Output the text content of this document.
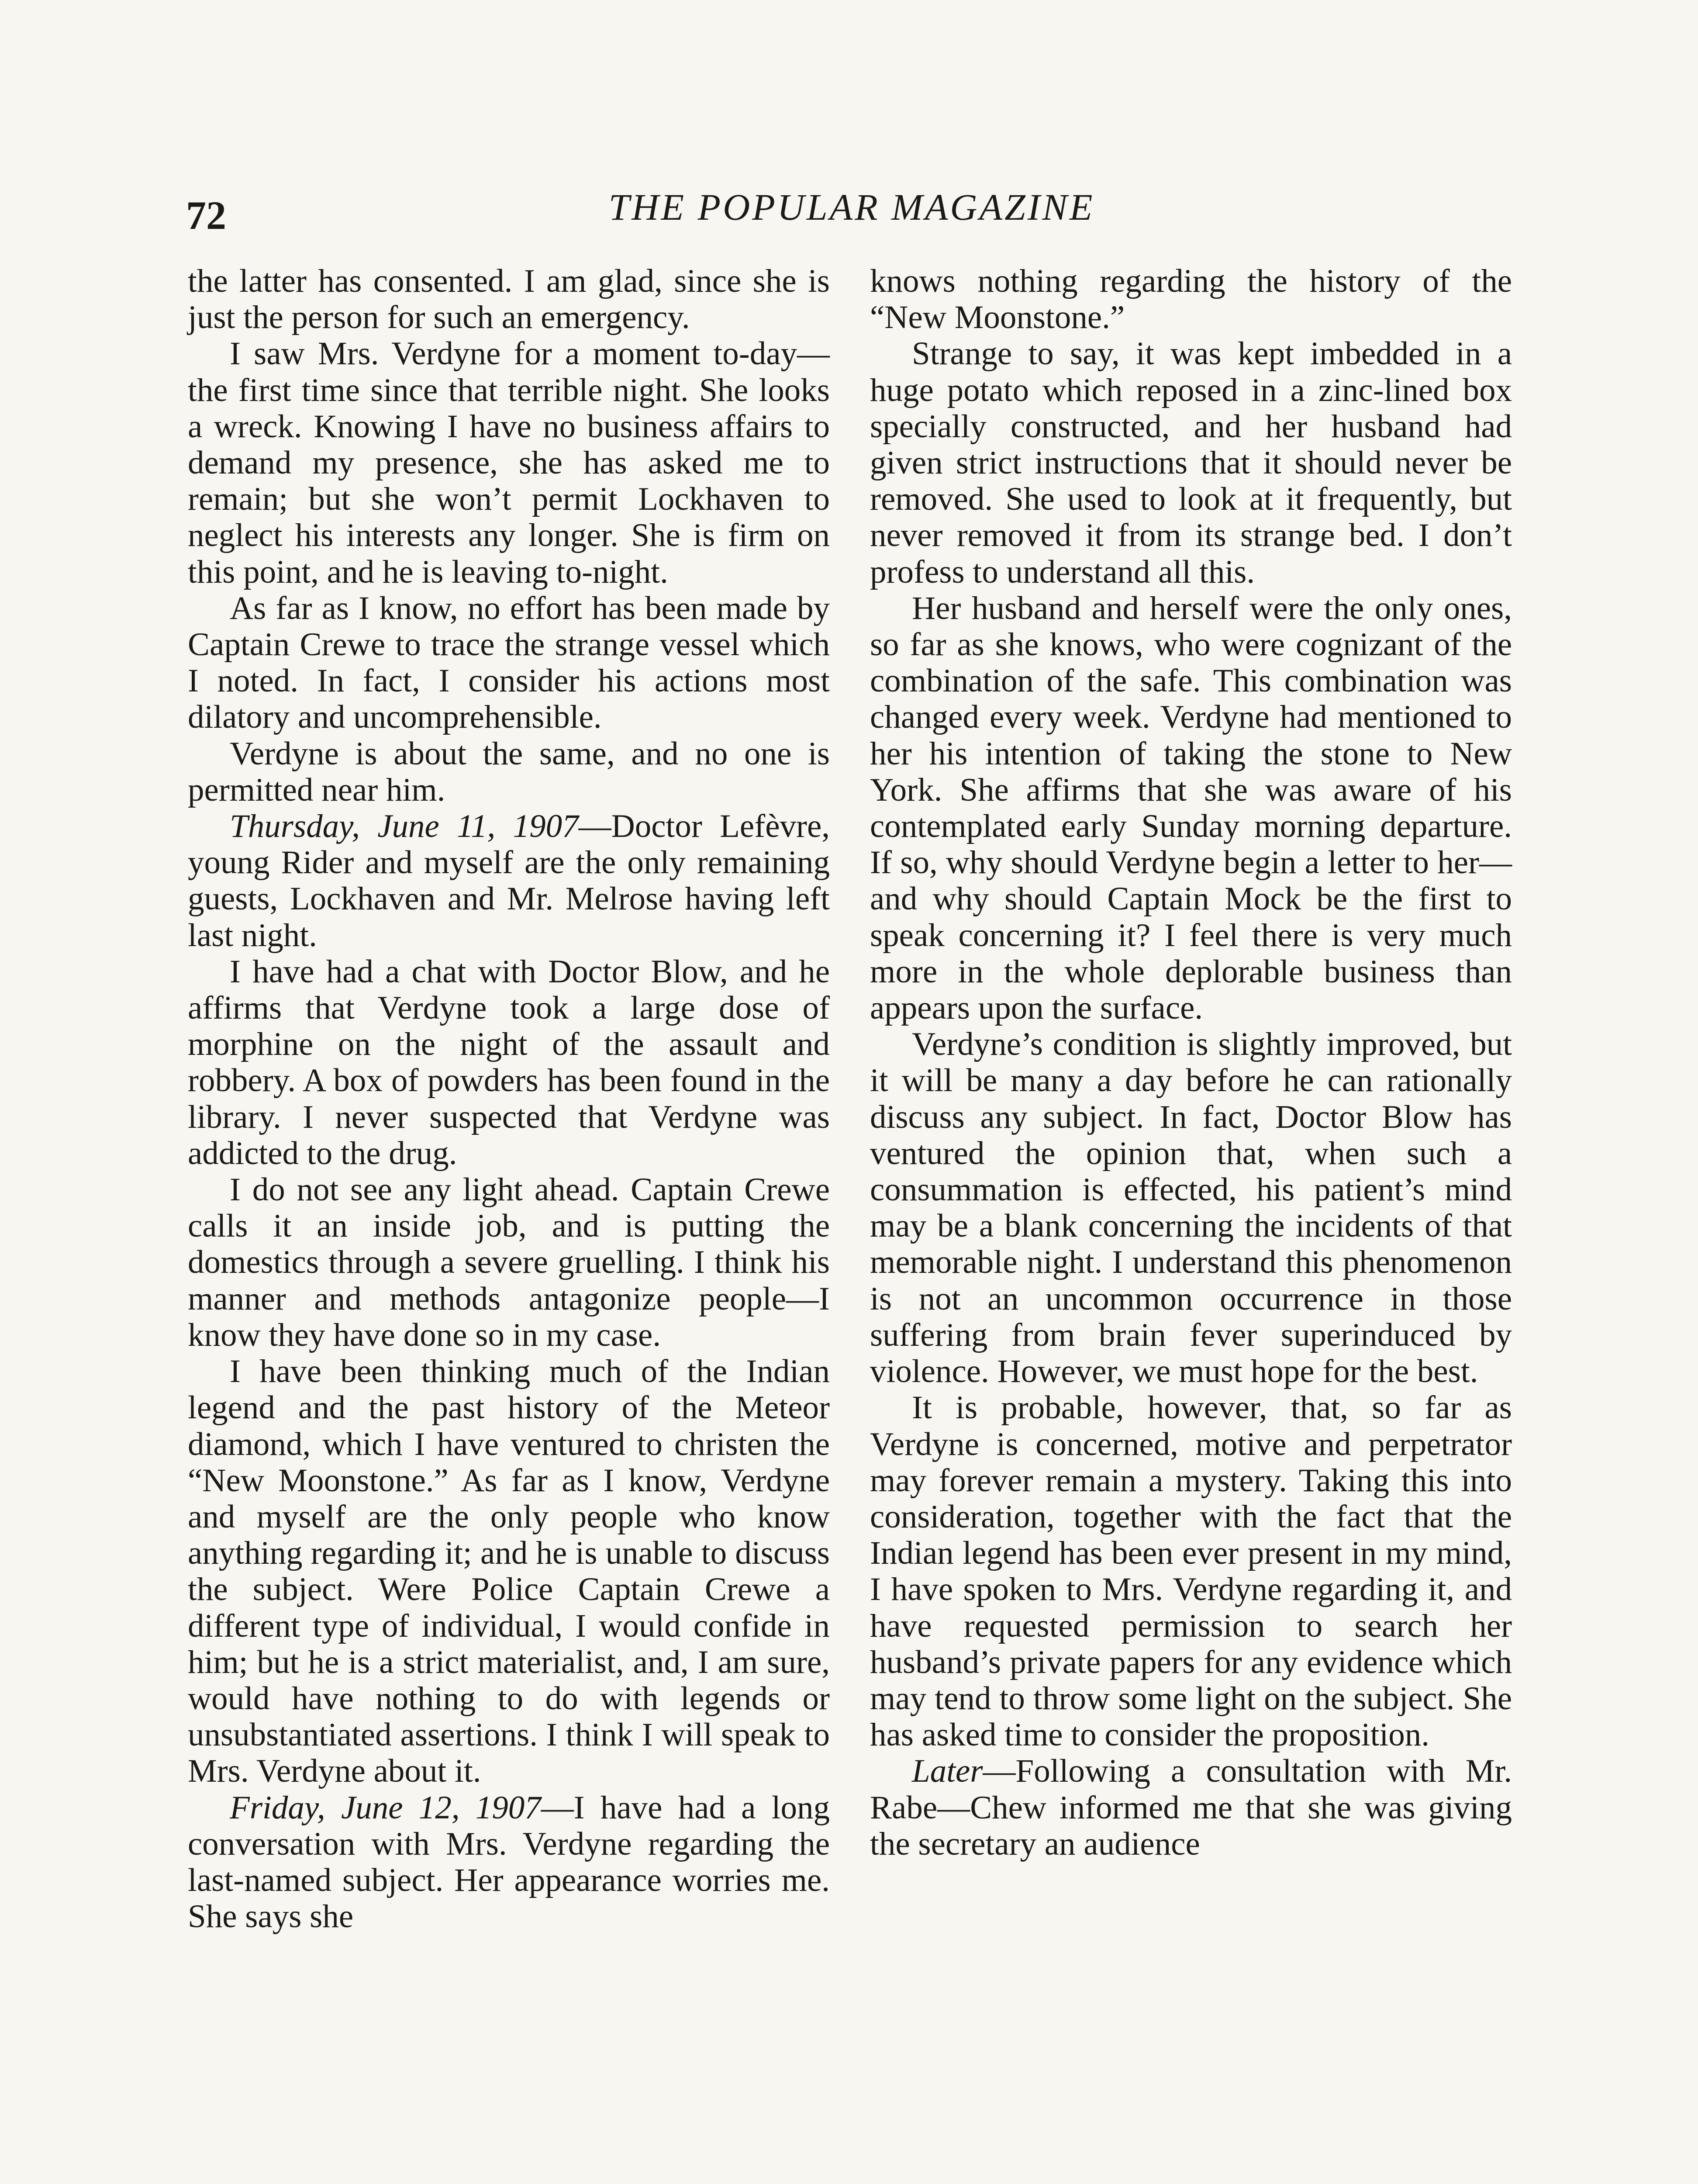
72	THE POPULAR MAGAZINE

the latter has consented. I am glad, since she is just the person for such an emergency.

I saw Mrs. Verdyne for a moment to-day—the first time since that terrible night. She looks a wreck. Knowing I have no business affairs to demand my presence, she has asked me to remain; but she won’t permit Lockhaven to neglect his interests any longer. She is firm on this point, and he is leaving to-night.

As far as I know, no effort has been made by Captain Crewe to trace the strange vessel which I noted. In fact, I consider his actions most dilatory and uncomprehensible.

Verdyne is about the same, and no one is permitted near him.

Thursday, June 11, 1907—Doctor Lefèvre, young Rider and myself are the only remaining guests, Lockhaven and Mr. Melrose having left last night.

I have had a chat with Doctor Blow, and he affirms that Verdyne took a large dose of morphine on the night of the assault and robbery. A box of powders has been found in the library. I never suspected that Verdyne was addicted to the drug.

I do not see any light ahead. Captain Crewe calls it an inside job, and is putting the domestics through a severe gruelling. I think his manner and methods antagonize people—I know they have done so in my case.

I have been thinking much of the Indian legend and the past history of the Meteor diamond, which I have ventured to christen the “New Moonstone.” As far as I know, Verdyne and myself are the only people who know anything regarding it; and he is unable to discuss the subject. Were Police Captain Crewe a different type of individual, I would confide in him; but he is a strict materialist, and, I am sure, would have nothing to do with legends or unsubstantiated assertions. I think I will speak to Mrs. Verdyne about it.

Friday, June 12, 1907—I have had a long conversation with Mrs. Verdyne regarding the last-named subject. Her appearance worries me. She says she

knows nothing regarding the history of the “New Moonstone.”

Strange to say, it was kept imbedded in a huge potato which reposed in a zinc-lined box specially constructed, and her husband had given strict instructions that it should never be removed. She used to look at it frequently, but never removed it from its strange bed. I don’t profess to understand all this.

Her husband and herself were the only ones, so far as she knows, who were cognizant of the combination of the safe. This combination was changed every week. Verdyne had mentioned to her his intention of taking the stone to New York. She affirms that she was aware of his contemplated early Sunday morning departure. If so, why should Verdyne begin a letter to her—and why should Captain Mock be the first to speak concerning it? I feel there is very much more in the whole deplorable business than appears upon the surface.

Verdyne’s condition is slightly improved, but it will be many a day before he can rationally discuss any subject. In fact, Doctor Blow has ventured the opinion that, when such a consummation is effected, his patient’s mind may be a blank concerning the incidents of that memorable night. I understand this phenomenon is not an uncommon occurrence in those suffering from brain fever superinduced by violence. However, we must hope for the best.

It is probable, however, that, so far as Verdyne is concerned, motive and perpetrator may forever remain a mystery. Taking this into consideration, together with the fact that the Indian legend has been ever present in my mind, I have spoken to Mrs. Verdyne regarding it, and have requested permission to search her husband’s private papers for any evidence which may tend to throw some light on the subject. She has asked time to consider the proposition.

Later—Following a consultation with Mr. Rabe—Chew informed me that she was giving the secretary an audience
